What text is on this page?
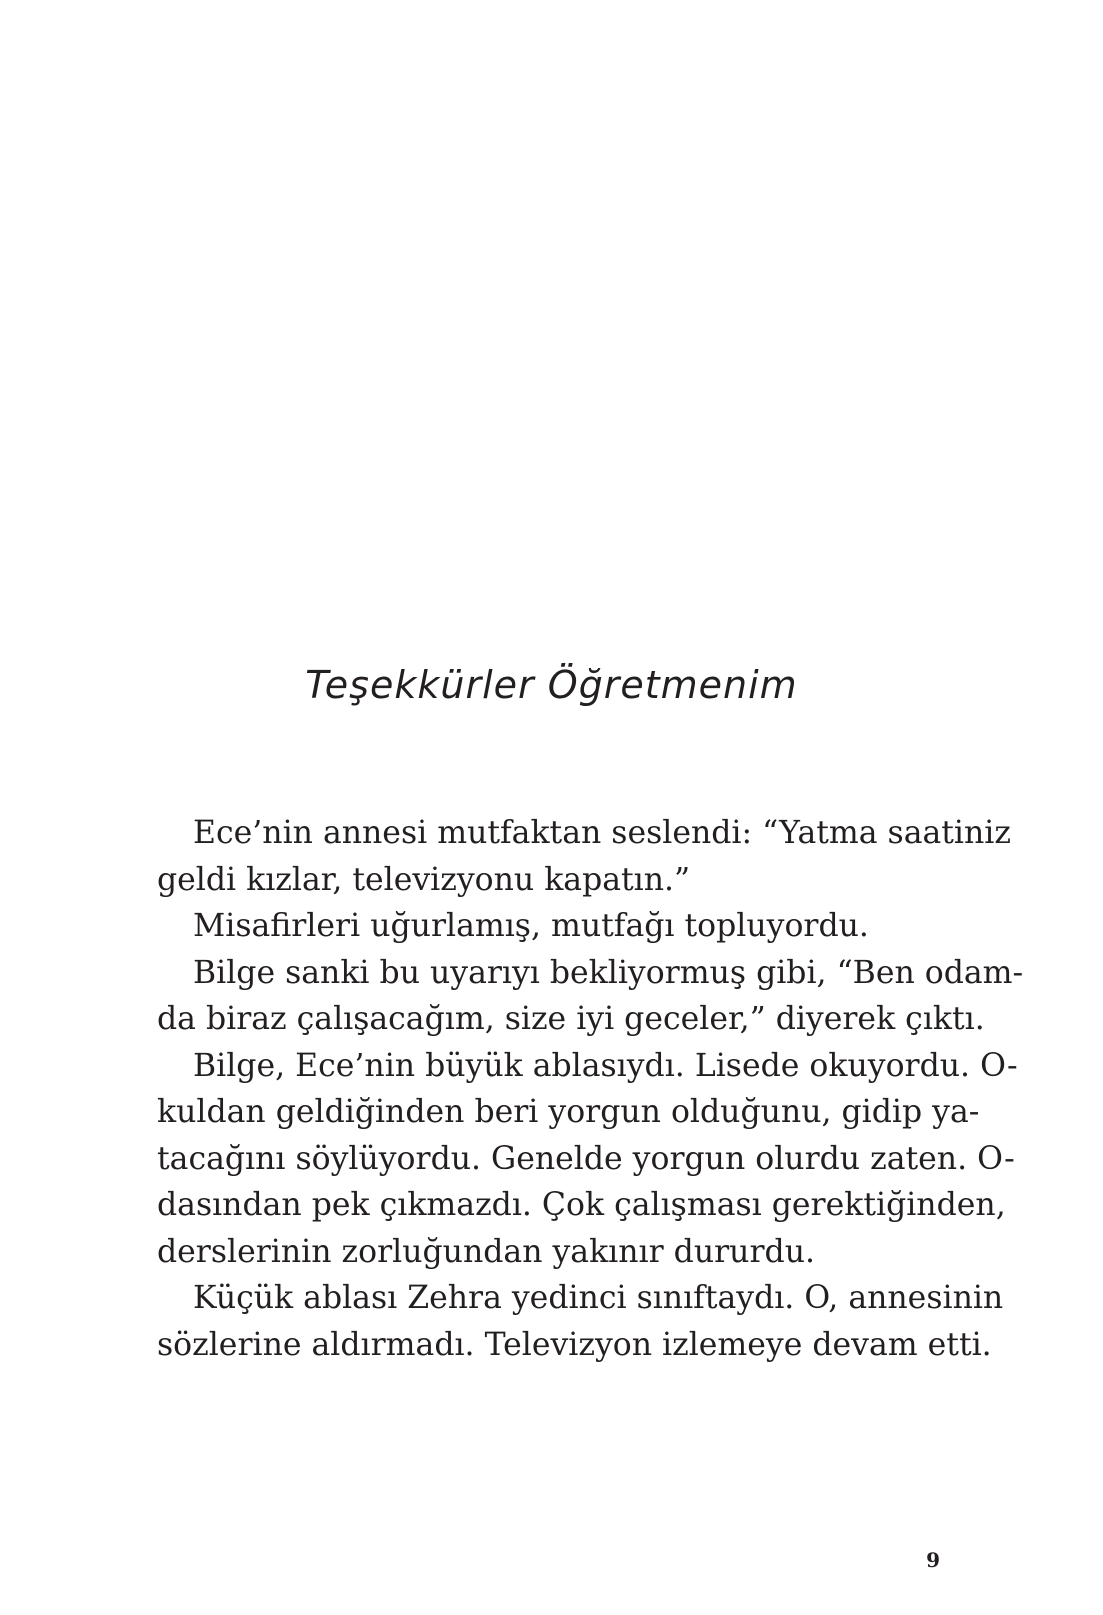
Teşekkürler Öğretmenim
Ece’nin annesi mutfaktan seslendi: “Yatma saatiniz
geldi kızlar, televizyonu kapatın.”
Misafirleri uğurlamış, mutfağı topluyordu.
Bilge sanki bu uyarıyı bekliyormuş gibi, “Ben odam-
da biraz çalışacağım, size iyi geceler,” diyerek çıktı.
Bilge, Ece’nin büyük ablasıydı. Lisede okuyordu. O-
kuldan geldiğinden beri yorgun olduğunu, gidip ya-
tacağını söylüyordu. Genelde yorgun olurdu zaten. O-
dasından pek çıkmazdı. Çok çalışması gerektiğinden,
derslerinin zorluğundan yakınır dururdu.
Küçük ablası Zehra yedinci sınıftaydı. O, annesinin
sözlerine aldırmadı. Televizyon izlemeye devam etti.
9
